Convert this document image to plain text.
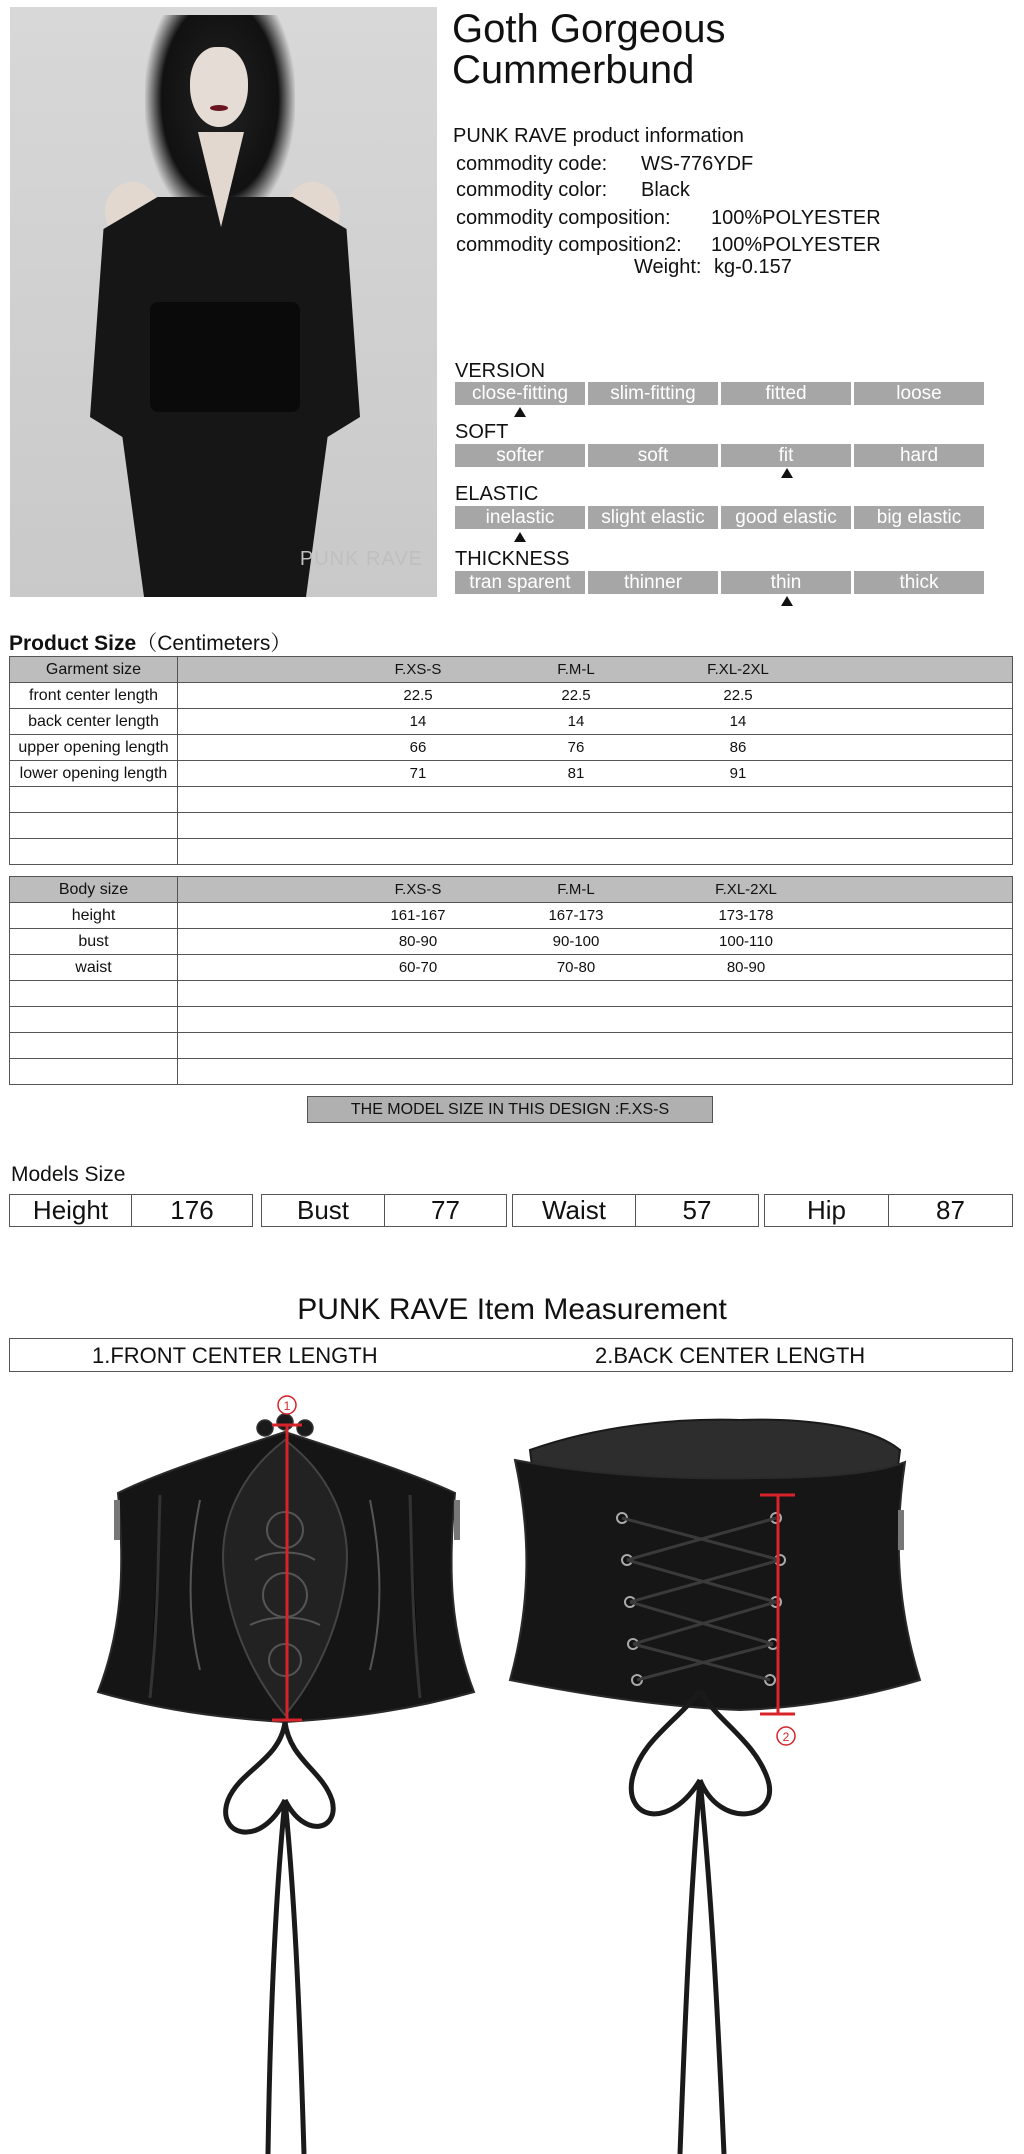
PUNK RAVE
Goth Gorgeous
Cummerbund
PUNK RAVE product information
commodity code: WS-776YDF
commodity color: Black
commodity composition: 100%POLYESTER
commodity composition2: 100%POLYESTER
Weight: kg-0.157
VERSION
close-fitting	slim-fitting	fitted	loose
SOFT
softer	soft	fit	hard
ELASTIC
inelastic	slight elastic	good elastic	big elastic
THICKNESS
tran sparent	thinner	thin	thick
Product Size（Centimeters）
Garment size	F.XS-S	F.M-L	F.XL-2XL
front center length	22.5	22.5	22.5
back center length	14	14	14
upper opening length	66	76	86
lower opening length	71	81	91
Body size	F.XS-S	F.M-L	F.XL-2XL
height	161-167	167-173	173-178
bust	80-90	90-100	100-110
waist	60-70	70-80	80-90
THE MODEL SIZE IN THIS DESIGN :F.XS-S
Models Size
Height	176	Bust	77	Waist	57	Hip	87
PUNK RAVE Item Measurement
1.FRONT CENTER LENGTH	2.BACK CENTER LENGTH
1
2
